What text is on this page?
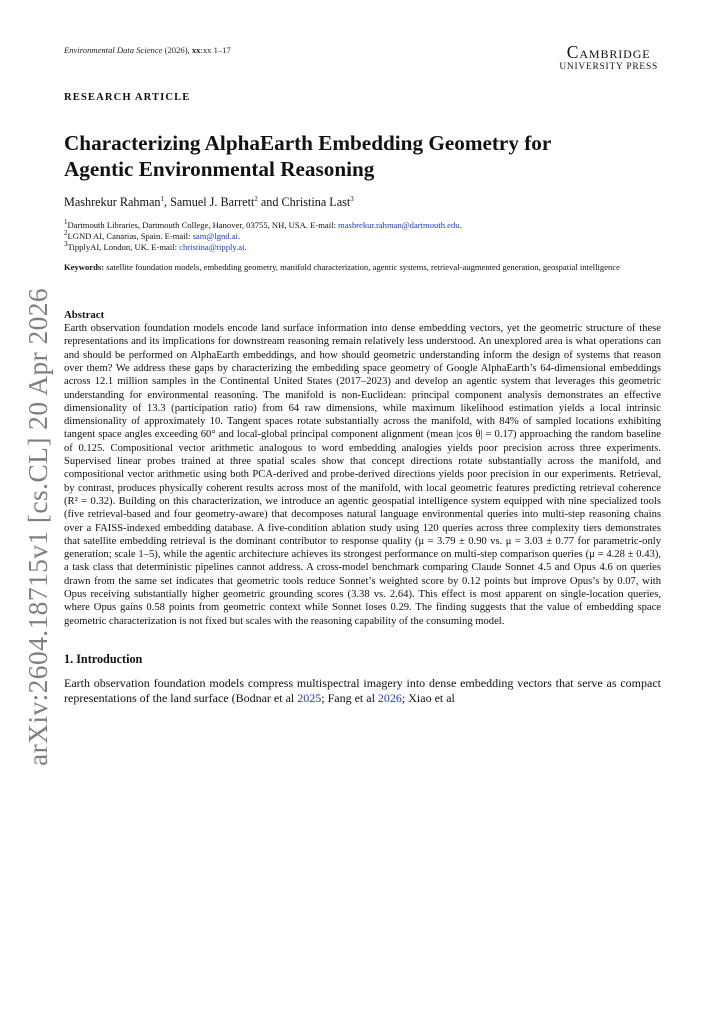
Environmental Data Science (2026), xx:xx 1–17	Cambridge
UNIVERSITY PRESS
RESEARCH ARTICLE
arXiv:2604.18715v1 [cs.CL] 20 Apr 2026
Characterizing AlphaEarth Embedding Geometry for
Agentic Environmental Reasoning
Mashrekur Rahman$^1$, Samuel J. Barrett$^2$ and Christina Last$^3$
$^1$Dartmouth Libraries, Dartmouth College, Hanover, 03755, NH, USA. E-mail: mashrekur.rahman@dartmouth.edu.
$^2$LGND AI, Canarias, Spain. E-mail: sam@lgnd.ai.
$^3$TipplyAI, London, UK. E-mail: christina@tipply.ai.
Keywords: satellite foundation models, embedding geometry, manifold characterization, agentic systems, retrieval-augmented generation, geospatial intelligence
Abstract
Earth observation foundation models encode land surface information into dense embedding vectors, yet the geometric structure of these representations and its implications for downstream reasoning remain relatively less understood. An unexplored area is what operations can and should be performed on AlphaEarth embeddings, and how should geometric understanding inform the design of systems that reason over them? We address these gaps by characterizing the embedding space geometry of Google AlphaEarth’s 64-dimensional embeddings across 12.1 million samples in the Continental United States (2017–2023) and develop an agentic system that leverages this geometric understanding for environmental reasoning. The manifold is non-Euclidean: principal component analysis demonstrates an effective dimensionality of 13.3 (participation ratio) from 64 raw dimensions, while maximum likelihood estimation yields a local intrinsic dimensionality of approximately 10. Tangent spaces rotate substantially across the manifold, with 84% of sampled locations exhibiting tangent space angles exceeding 60° and local-global principal component alignment (mean |cos θ| = 0.17) approaching the random baseline of 0.125. Compositional vector arithmetic analogous to word embedding analogies yields poor precision across three experiments. Supervised linear probes trained at three spatial scales show that concept directions rotate substantially across the manifold, and compositional vector arithmetic using both PCA-derived and probe-derived directions yields poor precision in our experiments. Retrieval, by contrast, produces physically coherent results across most of the manifold, with local geometric features predicting retrieval coherence (R² = 0.32). Building on this characterization, we introduce an agentic geospatial intelligence system equipped with nine specialized tools (five retrieval-based and four geometry-aware) that decomposes natural language environmental queries into multi-step reasoning chains over a FAISS-indexed embedding database. A five-condition ablation study using 120 queries across three complexity tiers demonstrates that satellite embedding retrieval is the dominant contributor to response quality (μ = 3.79 ± 0.90 vs. μ = 3.03 ± 0.77 for parametric-only generation; scale 1–5), while the agentic architecture achieves its strongest performance on multi-step comparison queries (μ = 4.28 ± 0.43), a task class that deterministic pipelines cannot address. A cross-model benchmark comparing Claude Sonnet 4.5 and Opus 4.6 on queries drawn from the same set indicates that geometric tools reduce Sonnet’s weighted score by 0.12 points but improve Opus’s by 0.07, with Opus receiving substantially higher geometric grounding scores (3.38 vs. 2.64). This effect is most apparent on single-location queries, where Opus gains 0.58 points from geometric context while Sonnet loses 0.29. The finding suggests that the value of embedding space geometric characterization is not fixed but scales with the reasoning capability of the consuming model.
1. Introduction
Earth observation foundation models compress multispectral imagery into dense embedding vectors that serve as compact representations of the land surface (Bodnar et al 2025; Fang et al 2026; Xiao et al
